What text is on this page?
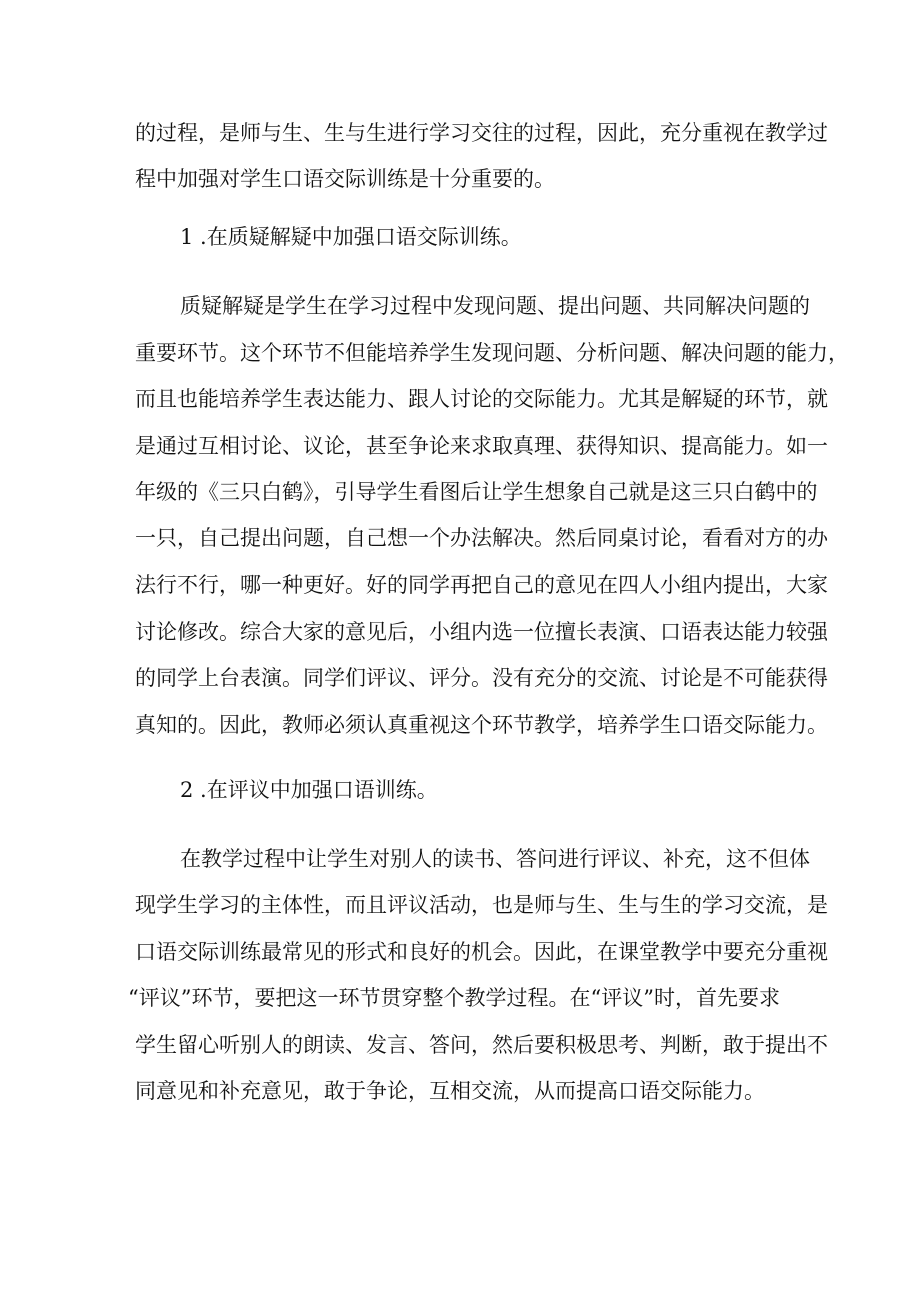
的过程，是师与生、生与生进行学习交往的过程，因此，充分重视在教学过
程中加强对学生口语交际训练是十分重要的。
1 .在质疑解疑中加强口语交际训练。
质疑解疑是学生在学习过程中发现问题、提出问题、共同解决问题的
重要环节。这个环节不但能培养学生发现问题、分析问题、解决问题的能力，
而且也能培养学生表达能力、跟人讨论的交际能力。尤其是解疑的环节，就
是通过互相讨论、议论，甚至争论来求取真理、获得知识、提高能力。如一
年级的《三只白鹤》，引导学生看图后让学生想象自己就是这三只白鹤中的
一只，自己提出问题，自己想一个办法解决。然后同桌讨论，看看对方的办
法行不行，哪一种更好。好的同学再把自己的意见在四人小组内提出，大家
讨论修改。综合大家的意见后，小组内选一位擅长表演、口语表达能力较强
的同学上台表演。同学们评议、评分。没有充分的交流、讨论是不可能获得
真知的。因此，教师必须认真重视这个环节教学，培养学生口语交际能力。
2 .在评议中加强口语训练。
在教学过程中让学生对别人的读书、答问进行评议、补充，这不但体
现学生学习的主体性，而且评议活动，也是师与生、生与生的学习交流，是
口语交际训练最常见的形式和良好的机会。因此，在课堂教学中要充分重视
“评议”环节，要把这一环节贯穿整个教学过程。在“评议”时，首先要求
学生留心听别人的朗读、发言、答问，然后要积极思考、判断，敢于提出不
同意见和补充意见，敢于争论，互相交流，从而提高口语交际能力。
